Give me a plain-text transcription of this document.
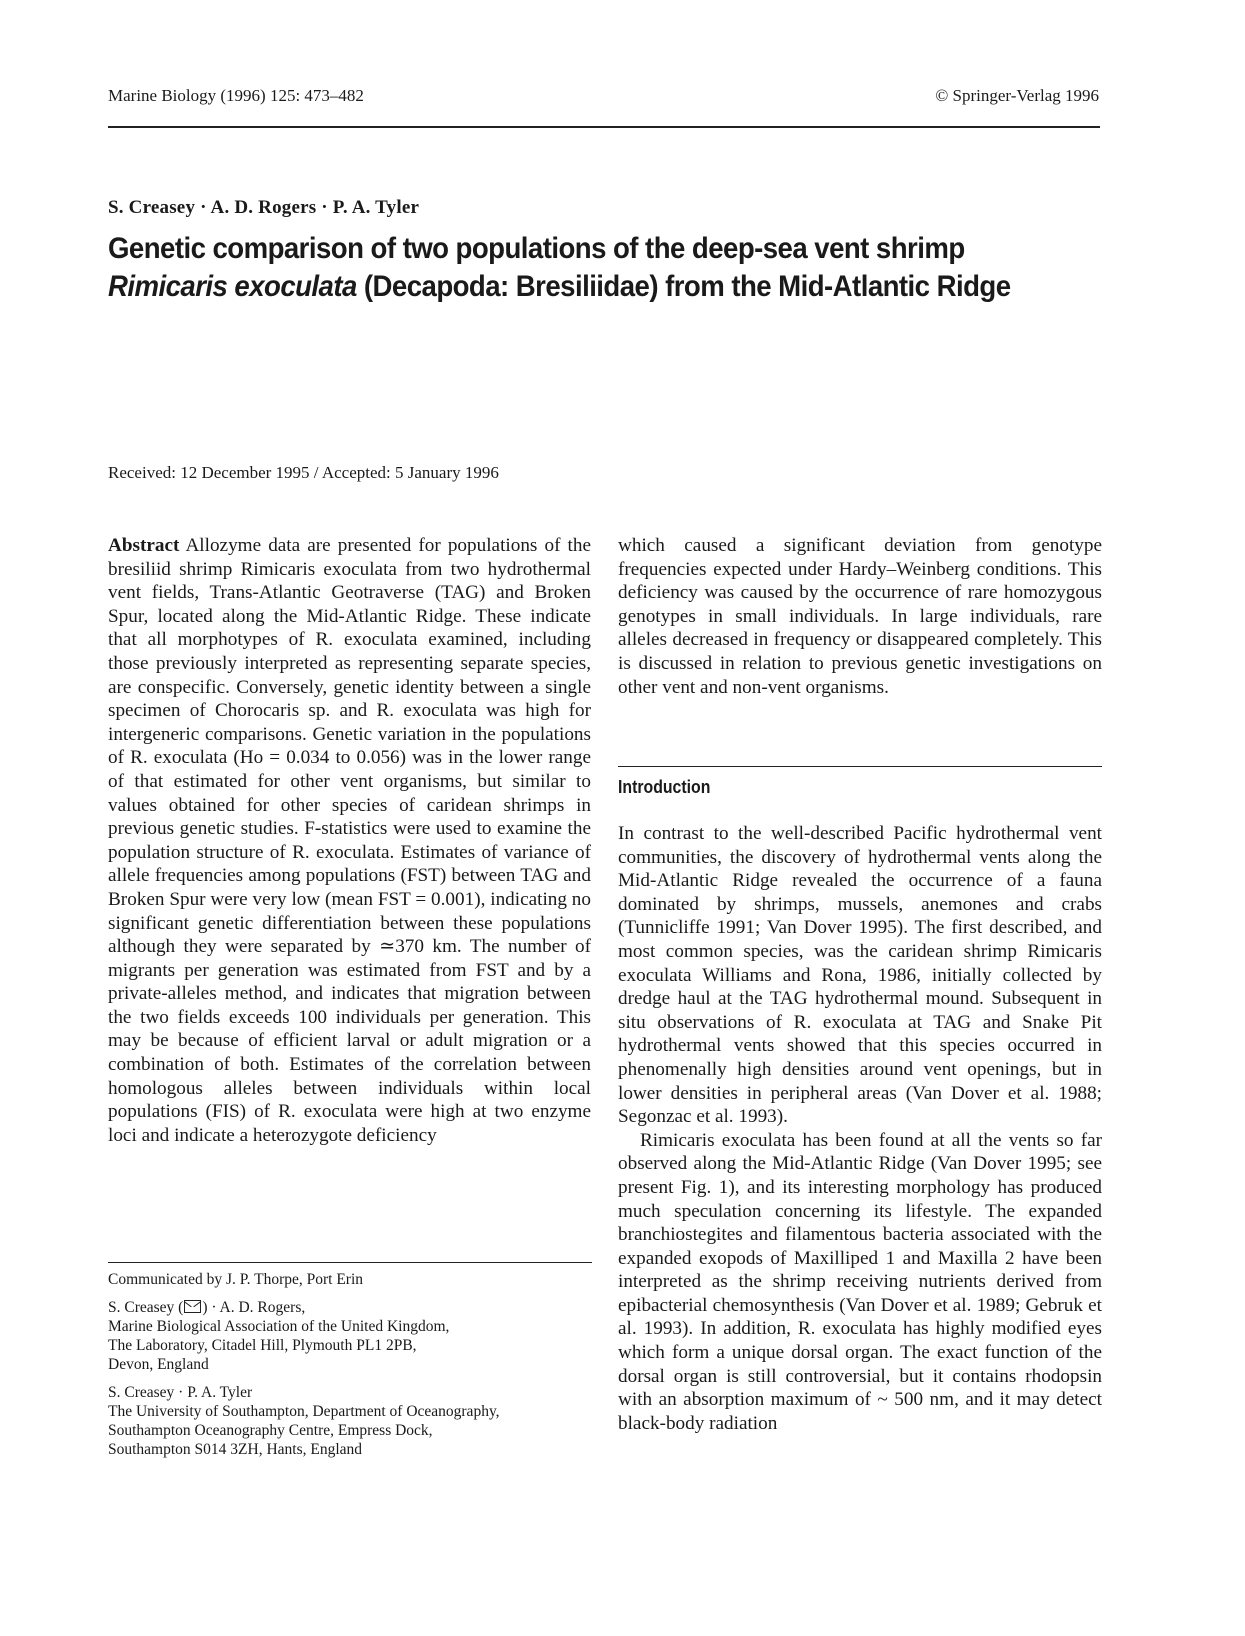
Marine Biology (1996) 125: 473–482	© Springer-Verlag 1996
S. Creasey · A. D. Rogers · P. A. Tyler
Genetic comparison of two populations of the deep-sea vent shrimp
Rimicaris exoculata (Decapoda: Bresiliidae) from the Mid-Atlantic Ridge
Received: 12 December 1995 / Accepted: 5 January 1996

Abstract Allozyme data are presented for populations of the bresiliid shrimp Rimicaris exoculata from two hydrothermal vent fields, Trans-Atlantic Geotraverse (TAG) and Broken Spur, located along the Mid-Atlantic Ridge. These indicate that all morphotypes of R. exoculata examined, including those previously interpreted as representing separate species, are conspecific. Conversely, genetic identity between a single specimen of Chorocaris sp. and R. exoculata was high for intergeneric comparisons. Genetic variation in the populations of R. exoculata (Ho = 0.034 to 0.056) was in the lower range of that estimated for other vent organisms, but similar to values obtained for other species of caridean shrimps in previous genetic studies. F-statistics were used to examine the population structure of R. exoculata. Estimates of variance of allele frequencies among populations (FST) between TAG and Broken Spur were very low (mean FST = 0.001), indicating no significant genetic differentiation between these populations although they were separated by ≃370 km. The number of migrants per generation was estimated from FST and by a private-alleles method, and indicates that migration between the two fields exceeds 100 individuals per generation. This may be because of efficient larval or adult migration or a combination of both. Estimates of the correlation between homologous alleles between individuals within local populations (FIS) of R. exoculata were high at two enzyme loci and indicate a heterozygote deficiency

Communicated by J. P. Thorpe, Port Erin

S. Creasey ( ) · A. D. Rogers,
Marine Biological Association of the United Kingdom,
The Laboratory, Citadel Hill, Plymouth PL1 2PB,
Devon, England

S. Creasey · P. A. Tyler
The University of Southampton, Department of Oceanography,
Southampton Oceanography Centre, Empress Dock,
Southampton S014 3ZH, Hants, England

which caused a significant deviation from genotype frequencies expected under Hardy–Weinberg conditions. This deficiency was caused by the occurrence of rare homozygous genotypes in small individuals. In large individuals, rare alleles decreased in frequency or disappeared completely. This is discussed in relation to previous genetic investigations on other vent and non-vent organisms.

Introduction

In contrast to the well-described Pacific hydrothermal vent communities, the discovery of hydrothermal vents along the Mid-Atlantic Ridge revealed the occurrence of a fauna dominated by shrimps, mussels, anemones and crabs (Tunnicliffe 1991; Van Dover 1995). The first described, and most common species, was the caridean shrimp Rimicaris exoculata Williams and Rona, 1986, initially collected by dredge haul at the TAG hydrothermal mound. Subsequent in situ observations of R. exoculata at TAG and Snake Pit hydrothermal vents showed that this species occurred in phenomenally high densities around vent openings, but in lower densities in peripheral areas (Van Dover et al. 1988; Segonzac et al. 1993).

Rimicaris exoculata has been found at all the vents so far observed along the Mid-Atlantic Ridge (Van Dover 1995; see present Fig. 1), and its interesting morphology has produced much speculation concerning its lifestyle. The expanded branchiostegites and filamentous bacteria associated with the expanded exopods of Maxilliped 1 and Maxilla 2 have been interpreted as the shrimp receiving nutrients derived from epibacterial chemosynthesis (Van Dover et al. 1989; Gebruk et al. 1993). In addition, R. exoculata has highly modified eyes which form a unique dorsal organ. The exact function of the dorsal organ is still controversial, but it contains rhodopsin with an absorption maximum of ~ 500 nm, and it may detect black-body radiation
